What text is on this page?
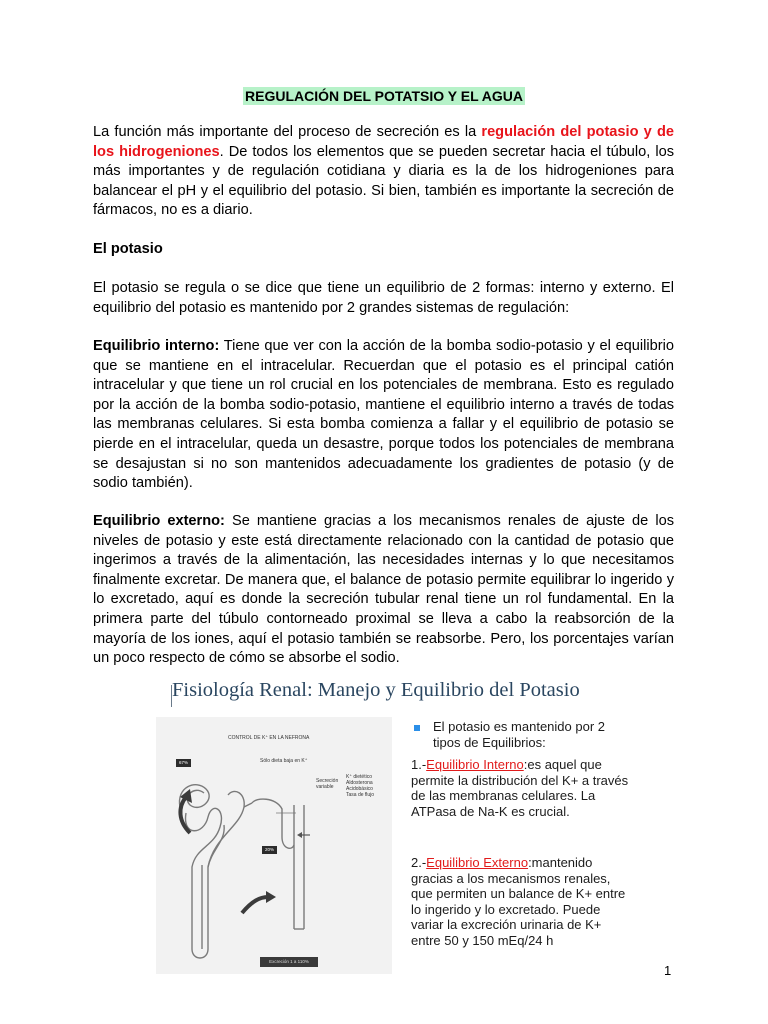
REGULACIÓN DEL POTATSIO Y EL AGUA
La función más importante del proceso de secreción es la regulación del potasio y de los hidrogeniones. De todos los elementos que se pueden secretar hacia el túbulo, los más importantes y de regulación cotidiana y diaria es la de los hidrogeniones para balancear el pH y el equilibrio del potasio. Si bien, también es importante la secreción de fármacos, no es a diario.
El potasio
El potasio se regula o se dice que tiene un equilibrio de 2 formas: interno y externo. El equilibrio del potasio es mantenido por 2 grandes sistemas de regulación:
Equilibrio interno: Tiene que ver con la acción de la bomba sodio-potasio y el equilibrio que se mantiene en el intracelular. Recuerdan que el potasio es el principal catión intracelular y que tiene un rol crucial en los potenciales de membrana. Esto es regulado por la acción de la bomba sodio-potasio, mantiene el equilibrio interno a través de todas las membranas celulares. Si esta bomba comienza a fallar y el equilibrio de potasio se pierde en el intracelular, queda un desastre, porque todos los potenciales de membrana se desajustan si no son mantenidos adecuadamente los gradientes de potasio (y de sodio también).
Equilibrio externo: Se mantiene gracias a los mecanismos renales de ajuste de los niveles de potasio y este está directamente relacionado con la cantidad de potasio que ingerimos a través de la alimentación, las necesidades internas y lo que necesitamos finalmente excretar. De manera que, el balance de potasio permite equilibrar lo ingerido y lo excretado, aquí es donde la secreción tubular renal tiene un rol fundamental. En la primera parte del túbulo contorneado proximal se lleva a cabo la reabsorción de la mayoría de los iones, aquí el potasio también se reabsorbe. Pero, los porcentajes varían un poco respecto de cómo se absorbe el sodio.
Fisiología Renal: Manejo y Equilibrio del Potasio
CONTROL DE K⁺ EN LA NEFRONA
Sólo dieta baja en K⁺
Secreción variable
K⁺ dietético
Aldosterona
Acidobásico
Tasa de flujo
67%
20%
Excreción 1 a 110%
El potasio es mantenido por 2 tipos de Equilibrios:
1.-Equilibrio Interno:es aquel que permite la distribución del K+ a través de las membranas celulares. La ATPasa de Na-K es crucial.
2.-Equilibrio Externo:mantenido gracias a los mecanismos renales, que permiten un balance de K+ entre lo ingerido y lo excretado. Puede variar la excreción urinaria de K+ entre 50 y 150 mEq/24 h
1
